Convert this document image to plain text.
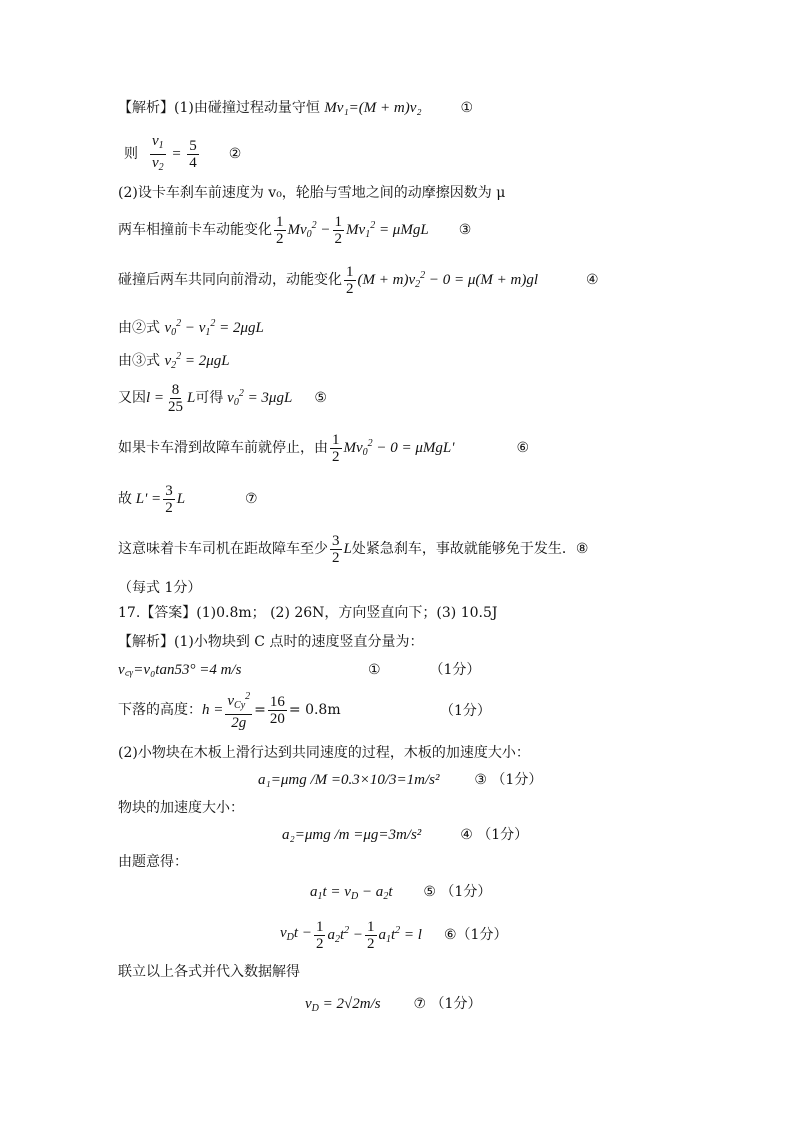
【解析】(1)由碰撞过程动量守恒 Mv₁=(M + m)v₂	①
则 $\frac{v_1}{v_2} = \frac{5}{4}$ ②
(2)设卡车刹车前速度为 v₀，轮胎与雪地之间的动摩擦因数为 μ
两车相撞前卡车动能变化 $\frac{1}{2} Mv_0^2 - \frac{1}{2} Mv_1^2 = \mu MgL$ ③
碰撞后两车共同向前滑动，动能变化 $\frac{1}{2} (M + m)v_2^2 - 0 = \mu(M + m)gl$	④
由②式 $v_0^2 - v_1^2 = 2\mu gL$
由③式 $v_2^2 = 2\mu gL$
又因 $l = \frac{8}{25}$ L 可得 $v_0^2 = 3\mu gL$ ⑤
如果卡车滑到故障车前就停止，由 $\frac{1}{2} Mv_0^2 - 0 = \mu MgL'$	⑥
故 $L' = \frac{3}{2}$ L	⑦
这意味着卡车司机在距故障车至少 $\frac{3}{2}$ L 处紧急刹车，事故就能够免于发生． ⑧
（每式 1分）
17.【答案】(1)0.8m； (2) 26N，方向竖直向下；(3) 10.5J
【解析】(1)小物块到 C 点时的速度竖直分量为：
v꜀ᵧ=v₀tan53° =4 m/s	①	（1分）
下落的高度： $h = \frac{v_{Cy}^2}{2g} = \frac{16}{20} = 0.8m$	（1分）
(2)小物块在木板上滑行达到共同速度的过程，木板的加速度大小：
a₁=μmg /M =0.3×10/3=1m/s² ③ （1分）
物块的加速度大小：
a₂=μmg /m =μg=3m/s²	④ （1分）
由题意得：
$a_1t = v_D - a_2t$ ⑤ （1分）
$v_Dt - \frac{1}{2} a_2t^2 - \frac{1}{2} a_1t^2 = l$ ⑥ （1分）
联立以上各式并代入数据解得
$v_D = 2√2m/s$ ⑦ （1分）
